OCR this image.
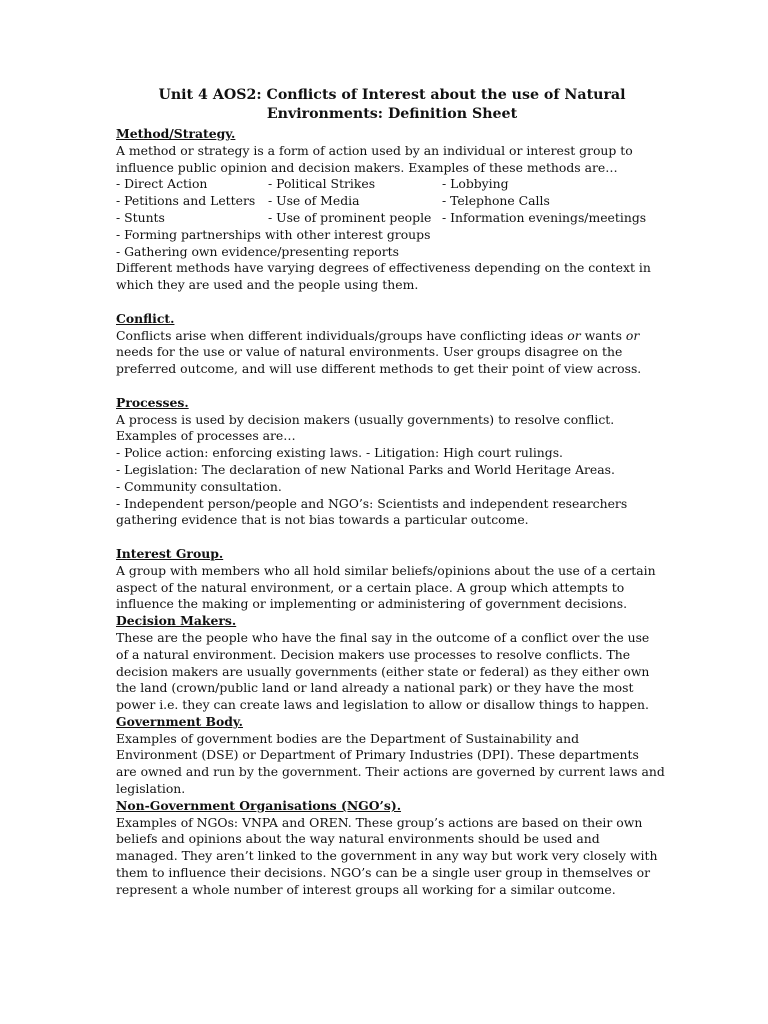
Unit 4 AOS2: Conflicts of Interest about the use of Natural
Environments: Definition Sheet
Method/Strategy.
A method or strategy is a form of action used by an individual or interest group to
influence public opinion and decision makers. Examples of these methods are…
- Direct Action	- Political Strikes	- Lobbying
- Petitions and Letters	- Use of Media	- Telephone Calls
- Stunts	- Use of prominent people - Information evenings/meetings
- Forming partnerships with other interest groups
- Gathering own evidence/presenting reports
Different methods have varying degrees of effectiveness depending on the context in
which they are used and the people using them.
Conflict.
Conflicts arise when different individuals/groups have conflicting ideas or wants or
needs for the use or value of natural environments. User groups disagree on the
preferred outcome, and will use different methods to get their point of view across.
Processes.
A process is used by decision makers (usually governments) to resolve conflict.
Examples of processes are…
- Police action: enforcing existing laws. - Litigation: High court rulings.
- Legislation: The declaration of new National Parks and World Heritage Areas.
- Community consultation.
- Independent person/people and NGO’s: Scientists and independent researchers
gathering evidence that is not bias towards a particular outcome.
Interest Group.
A group with members who all hold similar beliefs/opinions about the use of a certain
aspect of the natural environment, or a certain place. A group which attempts to
influence the making or implementing or administering of government decisions.
Decision Makers.
These are the people who have the final say in the outcome of a conflict over the use
of a natural environment. Decision makers use processes to resolve conflicts. The
decision makers are usually governments (either state or federal) as they either own
the land (crown/public land or land already a national park) or they have the most
power i.e. they can create laws and legislation to allow or disallow things to happen.
Government Body.
Examples of government bodies are the Department of Sustainability and
Environment (DSE) or Department of Primary Industries (DPI). These departments
are owned and run by the government. Their actions are governed by current laws and
legislation.
Non-Government Organisations (NGO’s).
Examples of NGOs: VNPA and OREN. These group’s actions are based on their own
beliefs and opinions about the way natural environments should be used and
managed. They aren’t linked to the government in any way but work very closely with
them to influence their decisions. NGO’s can be a single user group in themselves or
represent a whole number of interest groups all working for a similar outcome.
